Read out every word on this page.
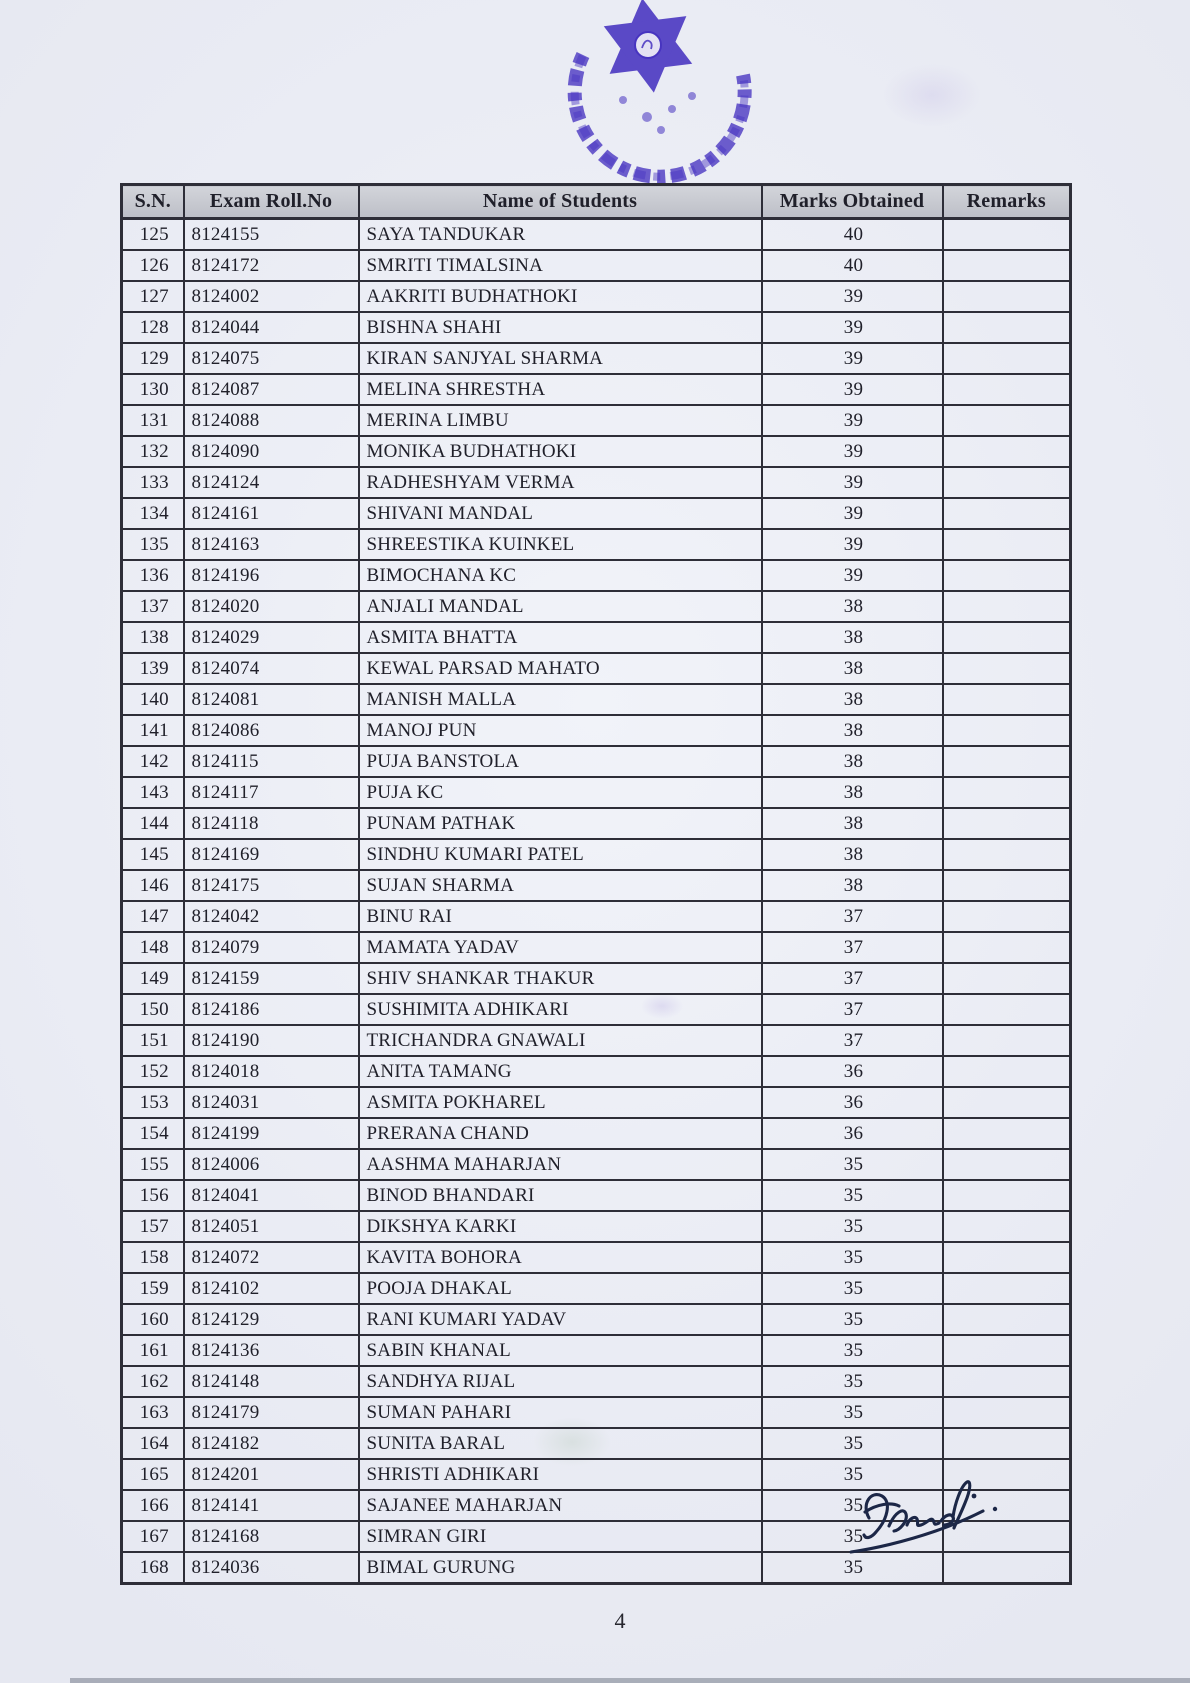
S.N.	Exam Roll.No	Name of Students	Marks Obtained	Remarks
125	8124155	SAYA TANDUKAR	40	
126	8124172	SMRITI TIMALSINA	40	
127	8124002	AAKRITI BUDHATHOKI	39	
128	8124044	BISHNA SHAHI	39	
129	8124075	KIRAN SANJYAL SHARMA	39	
130	8124087	MELINA SHRESTHA	39	
131	8124088	MERINA LIMBU	39	
132	8124090	MONIKA BUDHATHOKI	39	
133	8124124	RADHESHYAM VERMA	39	
134	8124161	SHIVANI MANDAL	39	
135	8124163	SHREESTIKA KUINKEL	39	
136	8124196	BIMOCHANA KC	39	
137	8124020	ANJALI MANDAL	38	
138	8124029	ASMITA BHATTA	38	
139	8124074	KEWAL PARSAD MAHATO	38	
140	8124081	MANISH MALLA	38	
141	8124086	MANOJ PUN	38	
142	8124115	PUJA BANSTOLA	38	
143	8124117	PUJA KC	38	
144	8124118	PUNAM PATHAK	38	
145	8124169	SINDHU KUMARI PATEL	38	
146	8124175	SUJAN SHARMA	38	
147	8124042	BINU RAI	37	
148	8124079	MAMATA YADAV	37	
149	8124159	SHIV SHANKAR THAKUR	37	
150	8124186	SUSHIMITA ADHIKARI	37	
151	8124190	TRICHANDRA GNAWALI	37	
152	8124018	ANITA TAMANG	36	
153	8124031	ASMITA POKHAREL	36	
154	8124199	PRERANA CHAND	36	
155	8124006	AASHMA MAHARJAN	35	
156	8124041	BINOD BHANDARI	35	
157	8124051	DIKSHYA KARKI	35	
158	8124072	KAVITA BOHORA	35	
159	8124102	POOJA DHAKAL	35	
160	8124129	RANI KUMARI YADAV	35	
161	8124136	SABIN KHANAL	35	
162	8124148	SANDHYA RIJAL	35	
163	8124179	SUMAN PAHARI	35	
164	8124182	SUNITA BARAL	35	
165	8124201	SHRISTI ADHIKARI	35	
166	8124141	SAJANEE MAHARJAN	35	
167	8124168	SIMRAN GIRI	35	
168	8124036	BIMAL GURUNG	35	
4
